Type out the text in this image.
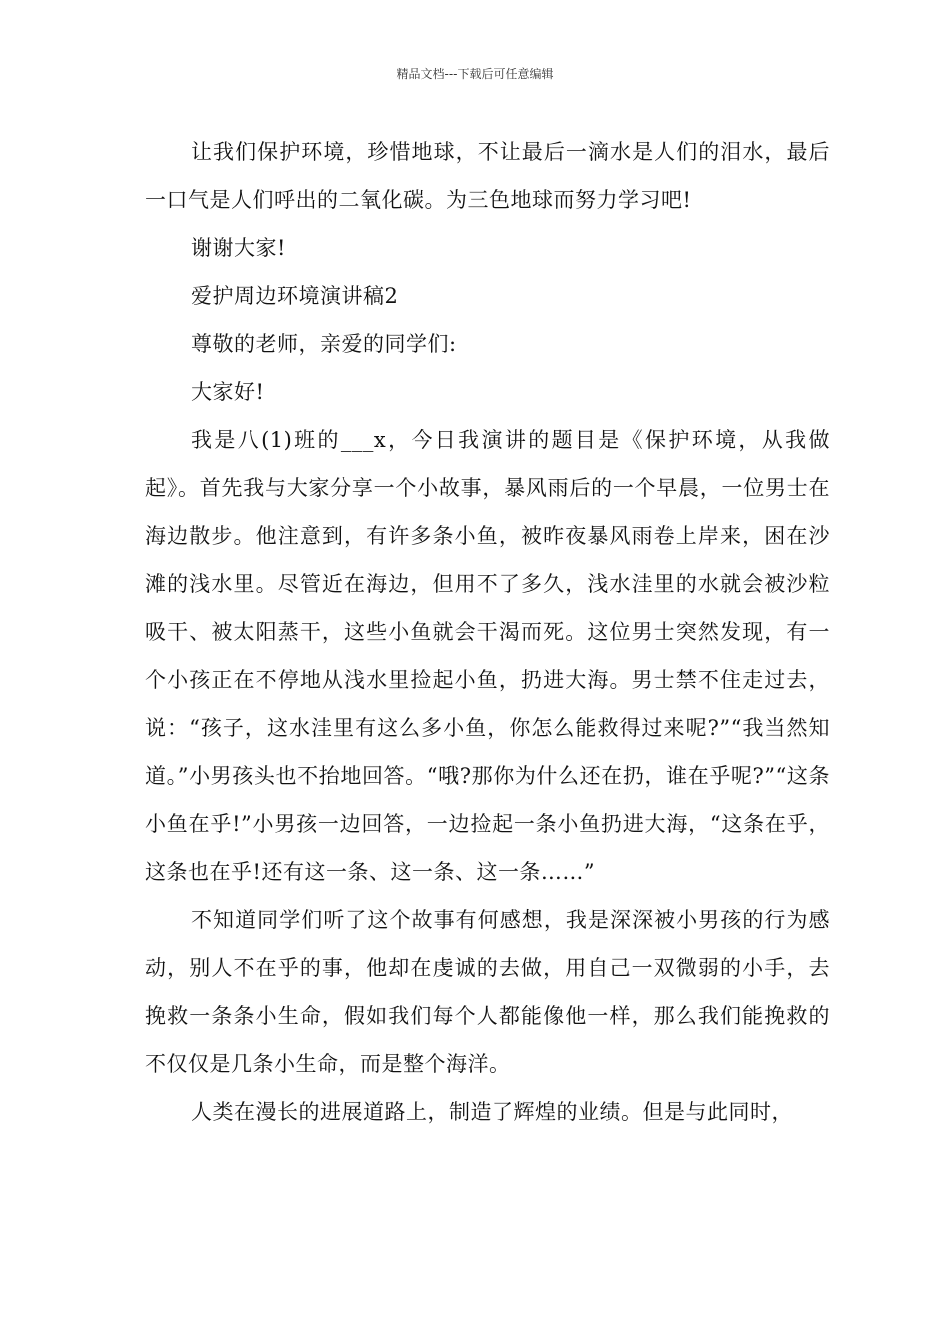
精品文档---下载后可任意编辑

让我们保护环境，珍惜地球，不让最后一滴水是人们的泪水，最后一口气是人们呼出的二氧化碳。为三色地球而努力学习吧!

谢谢大家!

爱护周边环境演讲稿2

尊敬的老师，亲爱的同学们:

大家好!

我是八(1)班的___x，今日我演讲的题目是《保护环境，从我做起》。首先我与大家分享一个小故事，暴风雨后的一个早晨，一位男士在海边散步。他注意到，有许多条小鱼，被昨夜暴风雨卷上岸来，困在沙滩的浅水里。尽管近在海边，但用不了多久，浅水洼里的水就会被沙粒吸干、被太阳蒸干，这些小鱼就会干渴而死。这位男士突然发现，有一个小孩正在不停地从浅水里捡起小鱼，扔进大海。男士禁不住走过去，说：“孩子，这水洼里有这么多小鱼，你怎么能救得过来呢?”“我当然知道。”小男孩头也不抬地回答。“哦?那你为什么还在扔，谁在乎呢?”“这条小鱼在乎!”小男孩一边回答，一边捡起一条小鱼扔进大海，“这条在乎，这条也在乎!还有这一条、这一条、这一条……”

不知道同学们听了这个故事有何感想，我是深深被小男孩的行为感动，别人不在乎的事，他却在虔诚的去做，用自己一双微弱的小手，去挽救一条条小生命，假如我们每个人都能像他一样，那么我们能挽救的不仅仅是几条小生命，而是整个海洋。

人类在漫长的进展道路上，制造了辉煌的业绩。但是与此同时，
